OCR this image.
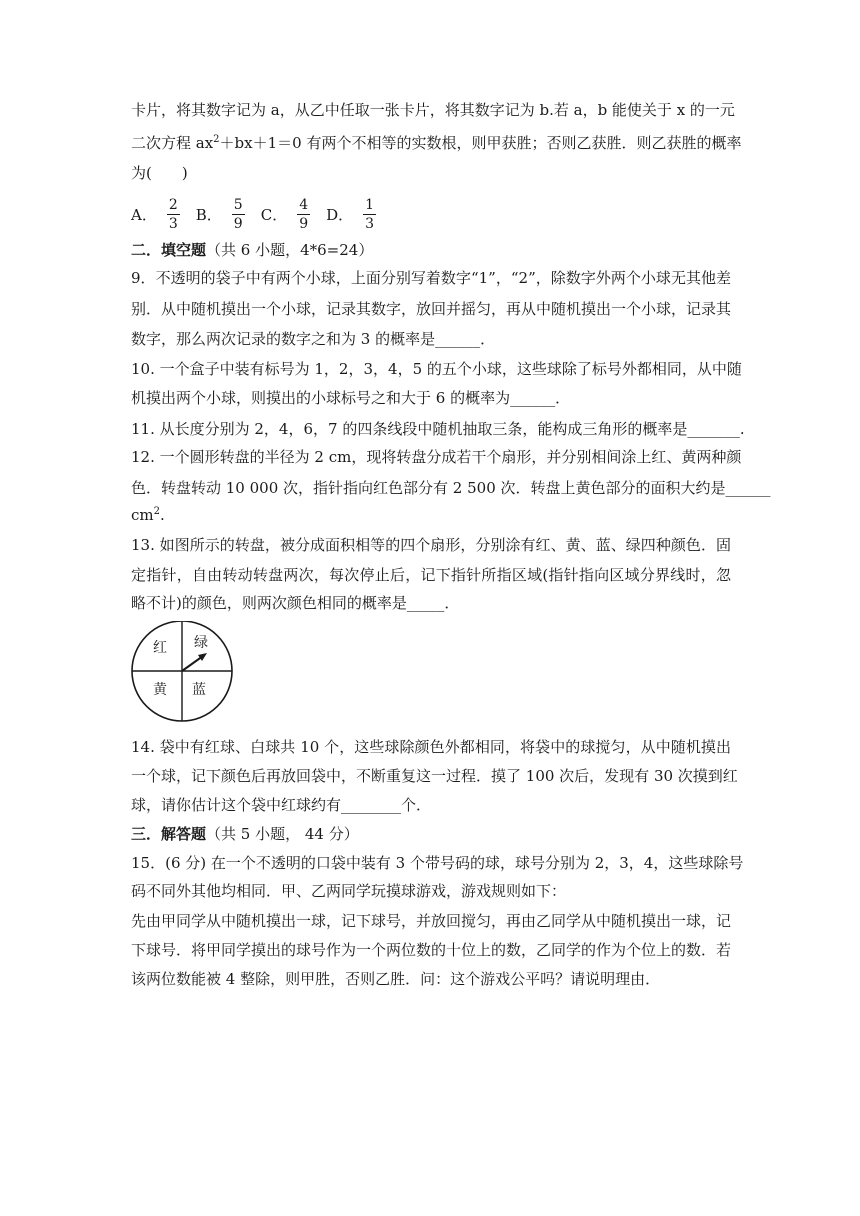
卡片，将其数字记为 a，从乙中任取一张卡片，将其数字记为 b.若 a，b 能使关于 x 的一元
二次方程 $ax^2+bx+1=0$ 有两个不相等的实数根，则甲获胜；否则乙获胜．则乙获胜的概率
为(　　)
A． $\frac{2}{3}$ B． $\frac{5}{9}$ C． $\frac{4}{9}$ D． $\frac{1}{3}$
二．填空题（共 6 小题，4*6=24）
9．不透明的袋子中有两个小球，上面分别写着数字“1”，“2”，除数字外两个小球无其他差
别．从中随机摸出一个小球，记录其数字，放回并摇匀，再从中随机摸出一个小球，记录其
数字，那么两次记录的数字之和为 3 的概率是______．
10. 一个盒子中装有标号为 1，2，3，4，5 的五个小球，这些球除了标号外都相同，从中随
机摸出两个小球，则摸出的小球标号之和大于 6 的概率为______．
11. 从长度分别为 2，4，6，7 的四条线段中随机抽取三条，能构成三角形的概率是_______.
12. 一个圆形转盘的半径为 2 cm，现将转盘分成若干个扇形，并分别相间涂上红、黄两种颜
色．转盘转动 10 000 次，指针指向红色部分有 2 500 次．转盘上黄色部分的面积大约是______
$cm^2$.
13. 如图所示的转盘，被分成面积相等的四个扇形，分别涂有红、黄、蓝、绿四种颜色．固
定指针，自由转动转盘两次，每次停止后，记下指针所指区域(指针指向区域分界线时，忽
略不计)的颜色，则两次颜色相同的概率是_____．
红 绿
黄 蓝
14. 袋中有红球、白球共 10 个，这些球除颜色外都相同，将袋中的球搅匀，从中随机摸出
一个球，记下颜色后再放回袋中，不断重复这一过程．摸了 100 次后，发现有 30 次摸到红
球，请你估计这个袋中红球约有________个．
三．解答题（共 5 小题， 44 分）
15．(6 分) 在一个不透明的口袋中装有 3 个带号码的球，球号分别为 2，3，4，这些球除号
码不同外其他均相同．甲、乙两同学玩摸球游戏，游戏规则如下：
先由甲同学从中随机摸出一球，记下球号，并放回搅匀，再由乙同学从中随机摸出一球，记
下球号．将甲同学摸出的球号作为一个两位数的十位上的数，乙同学的作为个位上的数．若
该两位数能被 4 整除，则甲胜，否则乙胜．问：这个游戏公平吗？请说明理由．
